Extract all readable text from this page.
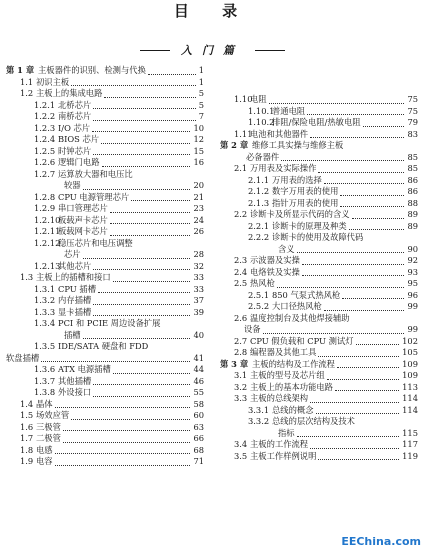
目 录
入门篇
第 1 章 主板器件的识别、检测与代换	1
1.1 初识主板	1
1.2 主板上的集成电路	5
1.2.1 北桥芯片	5
1.2.2 南桥芯片	7
1.2.3 I/O 芯片	10
1.2.4 BIOS 芯片	12
1.2.5 时钟芯片	15
1.2.6 逻辑门电路	16
1.2.7 运算放大器和电压比
较器	20
1.2.8 CPU 电源管理芯片	21
1.2.9 串口管理芯片	23
1.2.10
板载声卡芯片	24
1.2.11
板载网卡芯片	26
1.2.12
稳压芯片和电压调整
芯片	28
1.2.13
其他芯片	32
1.3 主板上的插槽和接口	33
1.3.1 CPU 插槽	33
1.3.2 内存插槽	37
1.3.3 显卡插槽	39
1.3.4 PCI 和 PCIE 周边设备扩展
插槽	40
1.3.5 IDE/SATA 硬盘和 FDD
软盘插槽	41
1.3.6 ATX 电源插槽	44
1.3.7 其他插槽	46
1.3.8 外设接口	55
1.4 晶体	58
1.5 场效应管	60
1.6 三极管	63
1.7 二极管	66
1.8 电感	68
1.9 电容	71
1.10
电阻	75
1.10.1
普通电阻	75
1.10.2
排阻/保险电阻/热敏电阻	79
1.11
电池和其他器件	83
第 2 章 维修工具实操与维修主板
必备器件	85
2.1 万用表及实际操作	85
2.1.1 万用表的选择	86
2.1.2 数字万用表的使用	86
2.1.3 指针万用表的使用	88
2.2 诊断卡及所显示代码的含义	89
2.2.1 诊断卡的原理及种类	89
2.2.2 诊断卡的使用及故障代码
含义	90
2.3 示波器及实操	92
2.4 电烙铁及实操	93
2.5 热风枪	95
2.5.1 850 气泵式热风枪	96
2.5.2 大口径热风枪	99
2.6 温度控制台及其他焊接辅助
设备	99
2.7 CPU 假负载和 CPU 测试灯	102
2.8 编程器及其他工具	105
第 3 章 主板的结构及工作流程	109
3.1 主板的型号及芯片组	109
3.2 主板上的基本功能电路	113
3.3 主板的总线架构	114
3.3.1 总线的概念	114
3.3.2 总线的层次结构及技术
指标	115
3.4 主板的工作流程	117
3.5 主板工作样例说明	119
EEChina.com
